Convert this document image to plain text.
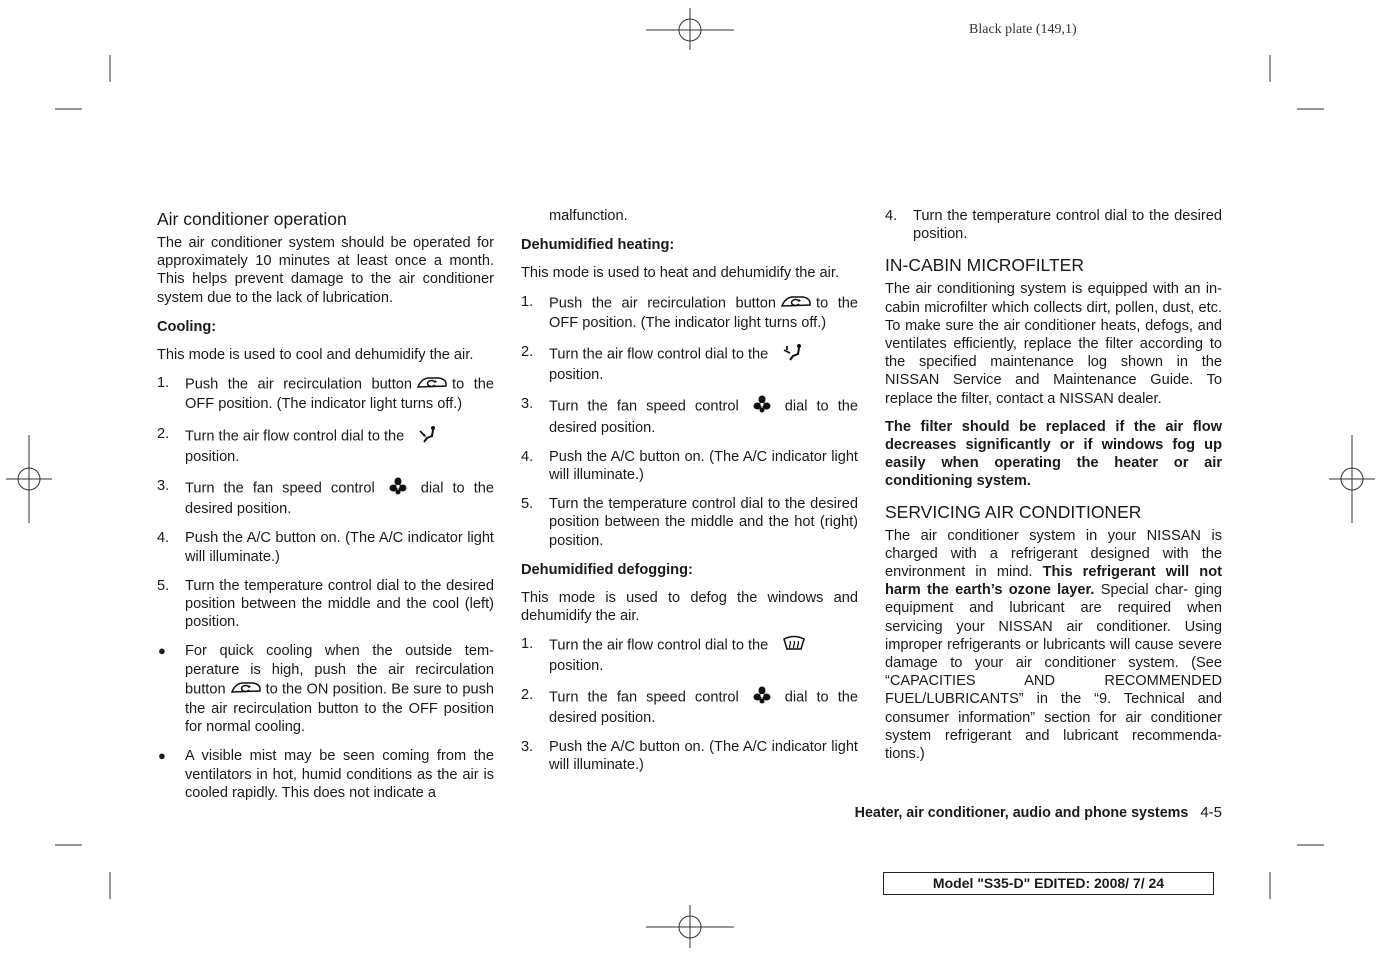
Black plate (149,1)
Air conditioner operation

The air conditioner system should be operated for approximately 10 minutes at least once a month. This helps prevent damage to the air conditioner system due to the lack of lubrication.

Cooling:

This mode is used to cool and dehumidify the air.

1. Push the air recirculation button	to the OFF position. (The indicator light turns off.)
2. Turn the air flow control dial to the
position.
3. Turn the fan speed control	dial to the desired position.
4. Push the A/C button on. (The A/C indicator light will illuminate.)
5. Turn the temperature control dial to the desired position between the middle and the cool (left) position.
● For quick cooling when the outside tem- perature is high, push the air recirculation button	to the ON position. Be sure to push the air recirculation button to the OFF position for normal cooling.
● A visible mist may be seen coming from the ventilators in hot, humid conditions as the air is cooled rapidly. This does not indicate a

malfunction.

Dehumidified heating:

This mode is used to heat and dehumidify the air.

1. Push the air recirculation button	to the OFF position. (The indicator light turns off.)
2. Turn the air flow control dial to the
position.
3. Turn the fan speed control	dial to the desired position.
4. Push the A/C button on. (The A/C indicator light will illuminate.)
5. Turn the temperature control dial to the desired position between the middle and the hot (right) position.
Dehumidified defogging:

This mode is used to defog the windows and dehumidify the air.

1. Turn the air flow control dial to the
position.
2. Turn the fan speed control	dial to the desired position.
3. Push the A/C button on. (The A/C indicator light will illuminate.)
4. Turn the temperature control dial to the desired position.
IN-CABIN MICROFILTER

The air conditioning system is equipped with an in-cabin microfilter which collects dirt, pollen, dust, etc. To make sure the air conditioner heats, defogs, and ventilates efficiently, replace the filter according to the specified maintenance log shown in the NISSAN Service and Maintenance Guide. To replace the filter, contact a NISSAN dealer.

The filter should be replaced if the air flow decreases significantly or if windows fog up easily when operating the heater or air conditioning system.

SERVICING AIR CONDITIONER

The air conditioner system in your NISSAN is charged with a refrigerant designed with the environment in mind. This refrigerant will not harm the earth’s ozone layer. Special char- ging equipment and lubricant are required when servicing your NISSAN air conditioner. Using improper refrigerants or lubricants will cause severe damage to your air conditioner system. (See “CAPACITIES AND RECOMMENDED FUEL/LUBRICANTS” in the “9. Technical and consumer information” section for air conditioner system refrigerant and lubricant recommenda- tions.)

Heater, air conditioner, audio and phone systems 4-5
Model "S35-D" EDITED: 2008/ 7/ 24
